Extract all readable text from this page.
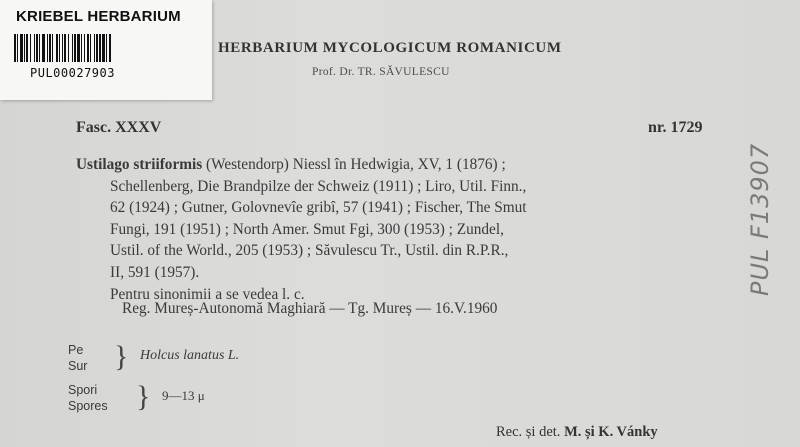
KRIEBEL HERBARIUM
PUL00027903
HERBARIUM MYCOLOGICUM ROMANICUM
Prof. Dr. TR. SĂVULESCU
Fasc. XXXV	nr. 1729
PUL F13907
Ustilago striiformis (Westendorp) Niessl în Hedwigia, XV, 1 (1876) ;
Schellenberg, Die Brandpilze der Schweiz (1911) ; Liro, Util. Finn.,
62 (1924) ; Gutner, Golovnevîe gribî, 57 (1941) ; Fischer, The Smut
Fungi, 191 (1951) ; North Amer. Smut Fgi, 300 (1953) ; Zundel,
Ustil. of the World., 205 (1953) ; Săvulescu Tr., Ustil. din R.P.R.,
II, 591 (1957).
Pentru sinonimii a se vedea l. c.
Reg. Mureș-Autonomă Maghiară — Tg. Mureș — 16.V.1960
Pe
Sur } Holcus lanatus L.
Spori
Spores } 9—13 μ
Rec. și det. M. și K. Vánky
